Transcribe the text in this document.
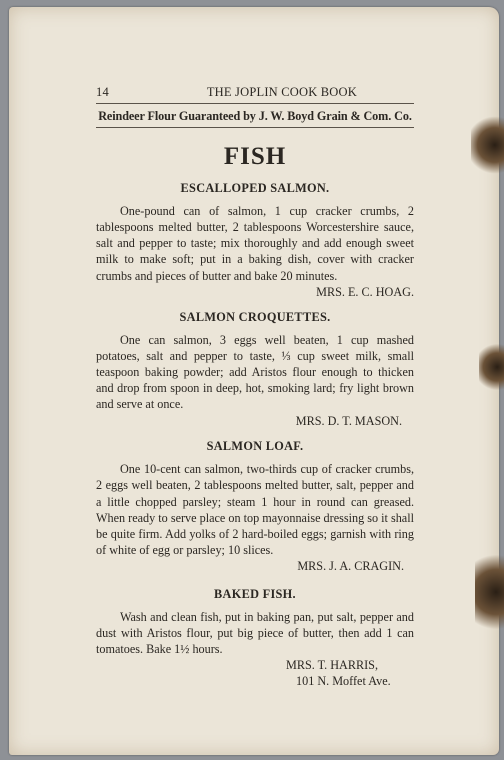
14	THE JOPLIN COOK BOOK
Reindeer Flour Guaranteed by J. W. Boyd Grain & Com. Co.
FISH
ESCALLOPED SALMON.

One-pound can of salmon, 1 cup cracker crumbs, 2 tablespoons melted butter, 2 tablespoons Worcestershire sauce, salt and pepper to taste; mix thoroughly and add enough sweet milk to make soft; put in a baking dish, cover with cracker crumbs and pieces of butter and bake 20 minutes.
MRS. E. C. HOAG.

SALMON CROQUETTES.

One can salmon, 3 eggs well beaten, 1 cup mashed potatoes, salt and pepper to taste, ⅓ cup sweet milk, small teaspoon baking powder; add Aristos flour enough to thicken and drop from spoon in deep, hot, smoking lard; fry light brown and serve at once.

MRS. D. T. MASON.

SALMON LOAF.

One 10-cent can salmon, two-thirds cup of cracker crumbs, 2 eggs well beaten, 2 tablespoons melted butter, salt, pepper and a little chopped parsley; steam 1 hour in round can greased. When ready to serve place on top mayonnaise dressing so it shall be quite firm. Add yolks of 2 hard-boiled eggs; garnish with ring of white of egg or parsley; 10 slices.
MRS. J. A. CRAGIN.

BAKED FISH.

Wash and clean fish, put in baking pan, put salt, pepper and dust with Aristos flour, put big piece of butter, then add 1 can tomatoes. Bake 1½ hours.

MRS. T. HARRIS,
101 N. Moffet Ave.
